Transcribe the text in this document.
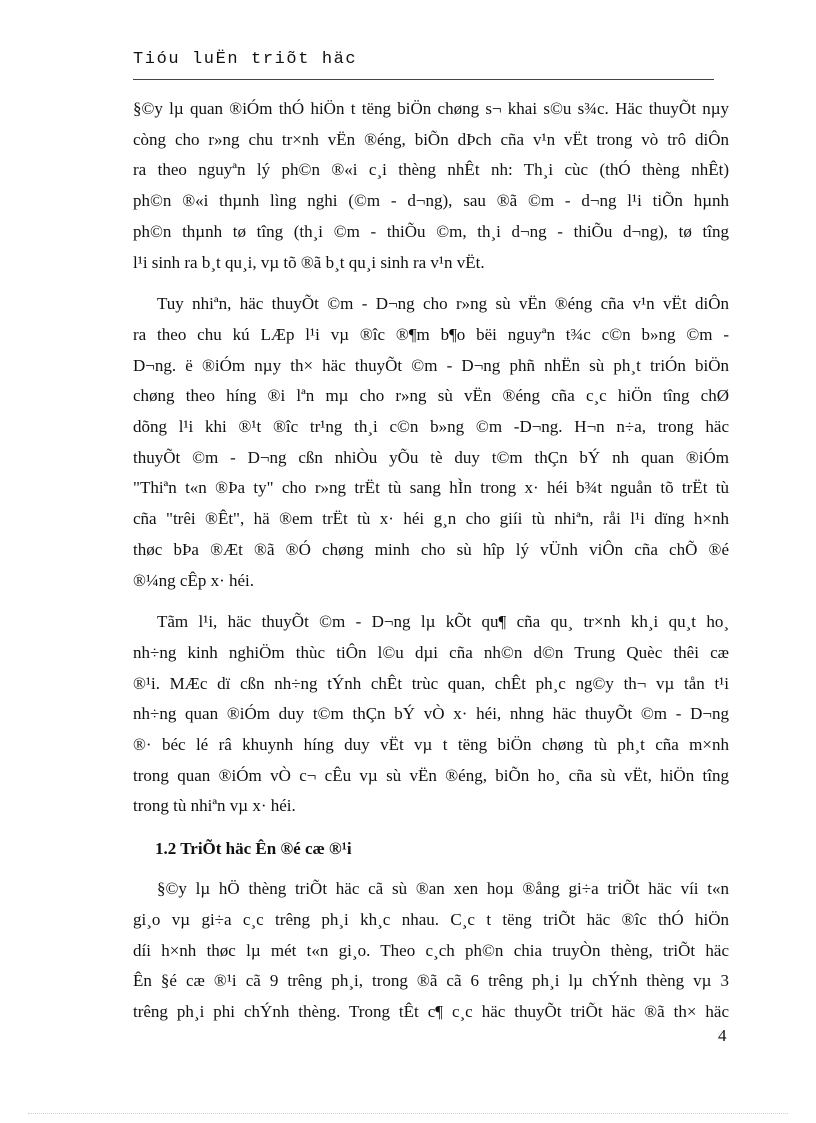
Tióu luËn triõt häc

§©y lµ quan ®iÓm thÓ hiÖn t tëng biÖn chøng s¬ khai s©u s¾c. Häc thuyÕt nµy
còng cho r»ng chu tr×nh vËn ®éng, biÕn dÞch cña v¹n vËt trong vò trô diÔn
ra theo nguyªn lý ph©n ®«i c¸i thèng nhÊt nh: Th¸i cùc (thÓ thèng nhÊt)
ph©n ®«i thµnh lìng nghi (©m - d¬ng), sau ®ã ©m - d¬ng l¹i tiÕn hµnh
ph©n thµnh tø tîng (th¸i ©m - thiÕu ©m, th¸i d¬ng - thiÕu d¬ng), tø tîng
l¹i sinh ra b¸t qu¸i, vµ tõ ®ã b¸t qu¸i sinh ra v¹n vËt.

Tuy nhiªn, häc thuyÕt ©m - D¬ng cho r»ng sù vËn ®éng cña v¹n vËt diÔn
ra theo chu kú LÆp l¹i vµ ®îc ®¶m b¶o bëi nguyªn t¾c c©n b»ng ©m -
D¬ng. ë ®iÓm nµy th× häc thuyÕt ©m - D¬ng phñ nhËn sù ph¸t triÓn biÖn
chøng theo híng ®i lªn mµ cho r»ng sù vËn ®éng cña c¸c hiÖn tîng chØ
dõng l¹i khi ®¹t ®îc tr¹ng th¸i c©n b»ng ©m -D¬ng. H¬n n÷a, trong häc
thuyÕt ©m - D¬ng cßn nhiÒu yÕu tè duy t©m thÇn bÝ nh quan ®iÓm
"Thiªn t«n ®Þa ty" cho r»ng trËt tù sang hÌn trong x· héi b¾t nguån tõ trËt tù
cña "trêi ®Êt", hä ®em trËt tù x· héi g¸n cho giíi tù nhiªn, råi l¹i dïng h×nh
thøc bÞa ®Æt ®ã ®Ó chøng minh cho sù hîp lý vÜnh viÔn cña chÕ ®é
®¼ng cÊp x· héi.

Tãm l¹i, häc thuyÕt ©m - D¬ng lµ kÕt qu¶ cña qu¸ tr×nh kh¸i qu¸t ho¸
nh÷ng kinh nghiÖm thùc tiÔn l©u dµi cña nh©n d©n Trung Quèc thêi cæ
®¹i. MÆc dï cßn nh÷ng tÝnh chÊt trùc quan, chÊt ph¸c ng©y th¬ vµ tån t¹i
nh÷ng quan ®iÓm duy t©m thÇn bÝ vÒ x· héi, nhng häc thuyÕt ©m - D¬ng
®· béc lé râ khuynh híng duy vËt vµ t tëng biÖn chøng tù ph¸t cña m×nh
trong quan ®iÓm vÒ c¬ cÊu vµ sù vËn ®éng, biÕn ho¸ cña sù vËt, hiÖn tîng
trong tù nhiªn vµ x· héi.

1.2 TriÕt häc Ên ®é cæ ®¹i

§©y lµ hÖ thèng triÕt häc cã sù ®an xen hoµ ®ång gi÷a triÕt häc víi t«n
gi¸o vµ gi÷a c¸c trêng ph¸i kh¸c nhau. C¸c t tëng triÕt häc ®îc thÓ hiÖn
díi h×nh thøc lµ mét t«n gi¸o. Theo c¸ch ph©n chia truyÒn thèng, triÕt häc
Ên §é cæ ®¹i cã 9 trêng ph¸i, trong ®ã cã 6 trêng ph¸i lµ chÝnh thèng vµ 3
trêng ph¸i phi chÝnh thèng. Trong tÊt c¶ c¸c häc thuyÕt triÕt häc ®ã th× häc

4
